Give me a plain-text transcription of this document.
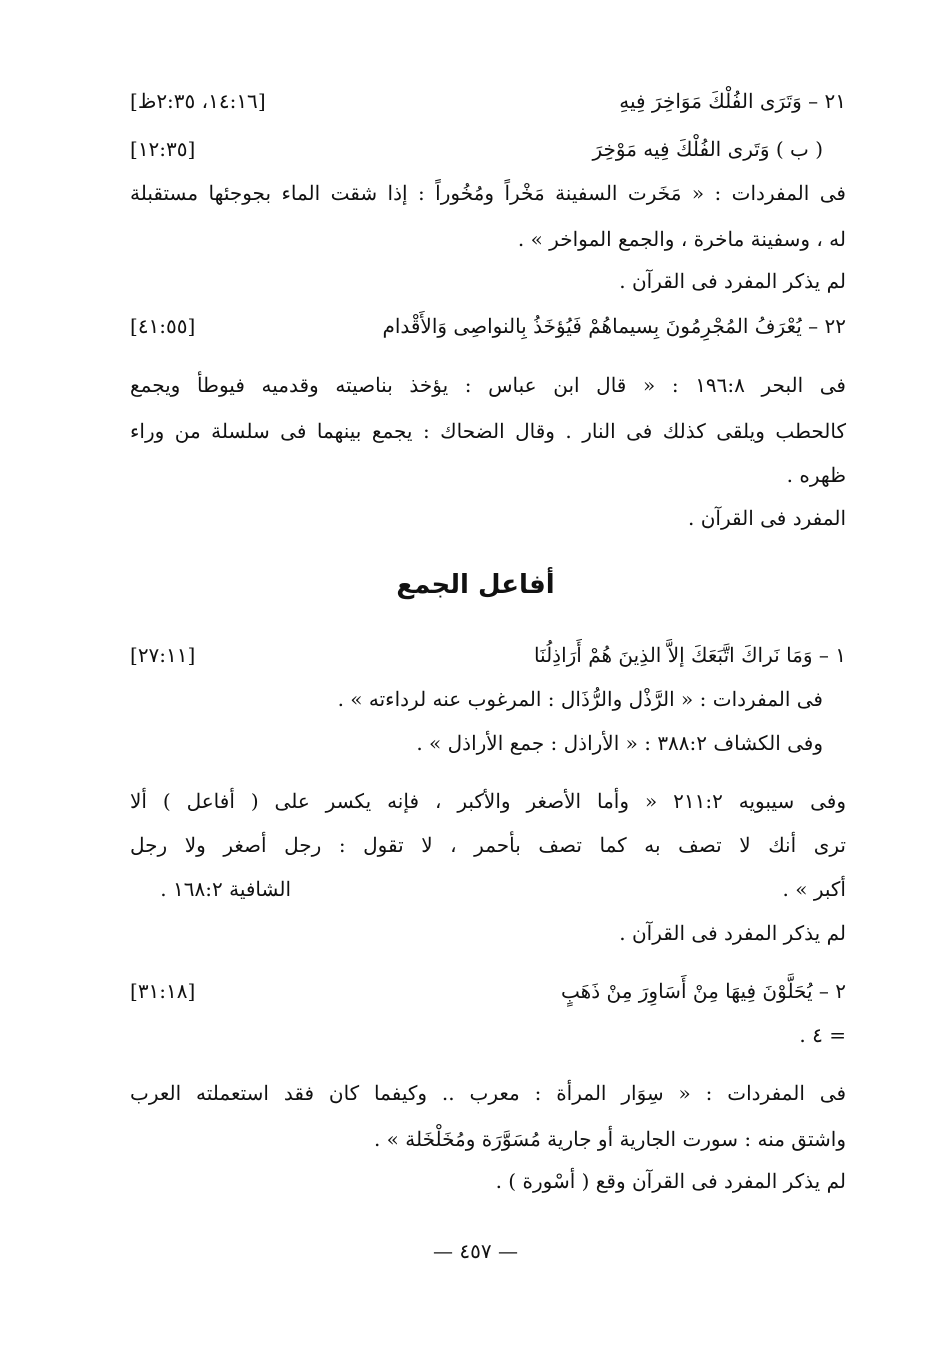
٢١ – وَتَرَى الفُلْكَ مَوَاخِرَ فِيهِ
[١٤:١٦، ٢:٣٥ظ]
( ب ) وَتَرى الفُلْكَ فِيه مَوْخِرَ
[١٢:٣٥]
فى المفردات : « مَخَرت السفينة مَخْراً ومُخُوراً : إذا شقت الماء بجوجئها مستقبلة
له ، وسفينة ماخرة ، والجمع المواخر » .
لم يذكر المفرد فى القرآن .
٢٢ – يُعْرَفُ المُجْرِمُونَ بِسيماهُمْ فَيُؤخَذُ بِالنواصِى وَالأَقْدام
[٤١:٥٥]
فى البحر ١٩٦:٨ : « قال ابن عباس : يؤخذ بناصيته وقدميه فيوطأ ويجمع
كالحطب ويلقى كذلك فى النار . وقال الضحاك : يجمع بينهما فى سلسلة من وراء
ظهره .
المفرد فى القرآن .
أفاعل الجمع
١ – وَمَا نَراكَ اتَّبَعَكَ إلاَّ الذِينَ هُمْ أَرَاذِلُنَا
[٢٧:١١]
فى المفردات : « الرَّذْل والرُّذَال : المرغوب عنه لرداءته » .
وفى الكشاف ٣٨٨:٢ : « الأراذل : جمع الأراذل » .
وفى سيبويه ٢١١:٢ « وأما الأصغر والأكبر ، فإنه يكسر على ( أفاعل ) ألا
ترى أنك لا تصف به كما تصف بأحمر ، لا تقول : رجل أصغر ولا رجل
أكبر » .
الشافية ١٦٨:٢ .
لم يذكر المفرد فى القرآن .
٢ – يُحَلَّوْنَ فِيهَا مِنْ أَسَاوِرَ مِنْ ذَهَبٍ
[٣١:١٨]
= ٤ .
فى المفردات : « سِوَار المرأة : معرب .. وكيفما كان فقد استعملته العرب
واشتق منه : سورت الجارية أو جارية مُسَوَّرَة ومُخَلْخَلة » .
لم يذكر المفرد فى القرآن وقع ( أسْورة ) .
— ٤٥٧ —
